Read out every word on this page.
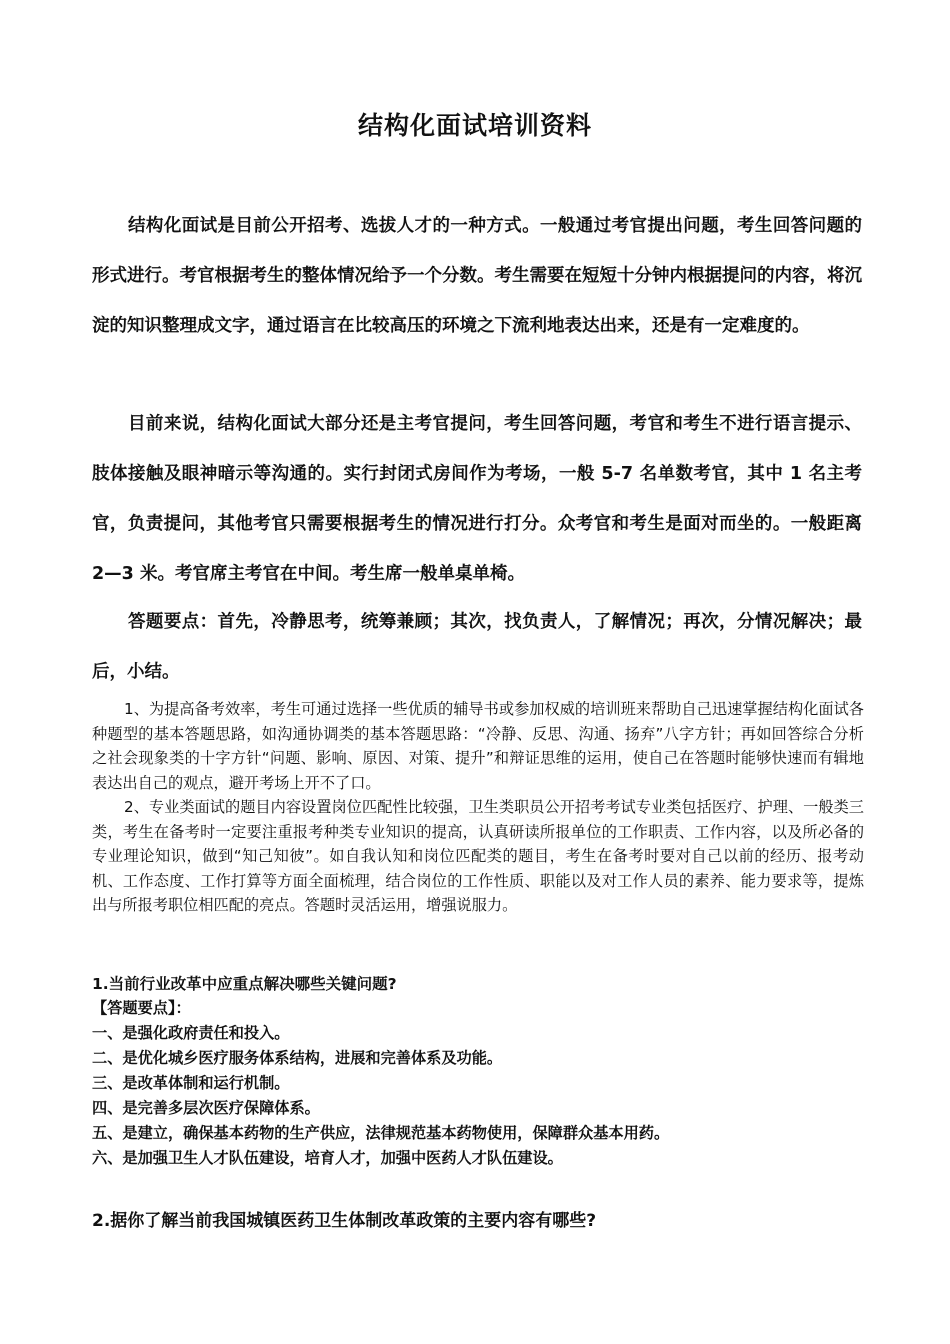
结构化面试培训资料

结构化面试是目前公开招考、选拔人才的一种方式。一般通过考官提出问题，考生回答问题的形式进行。考官根据考生的整体情况给予一个分数。考生需要在短短十分钟内根据提问的内容，将沉淀的知识整理成文字，通过语言在比较高压的环境之下流利地表达出来，还是有一定难度的。

目前来说，结构化面试大部分还是主考官提问，考生回答问题，考官和考生不进行语言提示、肢体接触及眼神暗示等沟通的。实行封闭式房间作为考场，一般 5-7 名单数考官，其中 1 名主考官，负责提问，其他考官只需要根据考生的情况进行打分。众考官和考生是面对而坐的。一般距离 2—3 米。考官席主考官在中间。考生席一般单桌单椅。

答题要点：首先，冷静思考，统筹兼顾；其次，找负责人，了解情况；再次，分情况解决；最后，小结。

1、为提高备考效率，考生可通过选择一些优质的辅导书或参加权威的培训班来帮助自己迅速掌握结构化面试各种题型的基本答题思路，如沟通协调类的基本答题思路：“冷静、反思、沟通、扬弃”八字方针；再如回答综合分析之社会现象类的十字方针“问题、影响、原因、对策、提升”和辩证思维的运用，使自己在答题时能够快速而有辑地表达出自己的观点，避开考场上开不了口。

2、专业类面试的题目内容设置岗位匹配性比较强，卫生类职员公开招考考试专业类包括医疗、护理、一般类三类，考生在备考时一定要注重报考种类专业知识的提高，认真研读所报单位的工作职责、工作内容，以及所必备的专业理论知识，做到“知己知彼”。如自我认知和岗位匹配类的题目，考生在备考时要对自己以前的经历、报考动机、工作态度、工作打算等方面全面梳理，结合岗位的工作性质、职能以及对工作人员的素养、能力要求等，提炼出与所报考职位相匹配的亮点。答题时灵活运用，增强说服力。

1.当前行业改革中应重点解决哪些关键问题?

【答题要点】：
一、是强化政府责任和投入。
二、是优化城乡医疗服务体系结构，进展和完善体系及功能。
三、是改革体制和运行机制。
四、是完善多层次医疗保障体系。
五、是建立，确保基本药物的生产供应，法律规范基本药物使用，保障群众基本用药。
六、是加强卫生人才队伍建设，培育人才，加强中医药人才队伍建设。

2.据你了解当前我国城镇医药卫生体制改革政策的主要内容有哪些?
